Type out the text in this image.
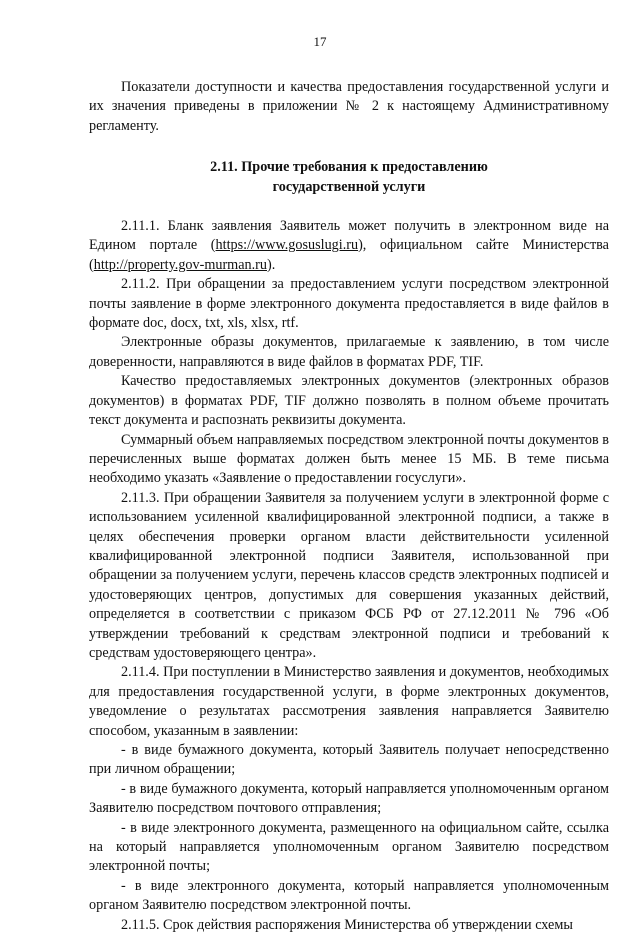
17

Показатели доступности и качества предоставления государственной услуги и их значения приведены в приложении № 2 к настоящему Административному регламенту.

2.11. Прочие требования к предоставлению
государственной услуги

2.11.1. Бланк заявления Заявитель может получить в электронном виде на Едином портале (https://www.gosuslugi.ru), официальном сайте Министерства (http://property.gov-murman.ru).

2.11.2. При обращении за предоставлением услуги посредством электронной почты заявление в форме электронного документа предоставляется в виде файлов в формате doc, docx, txt, xls, xlsx, rtf.

Электронные образы документов, прилагаемые к заявлению, в том числе доверенности, направляются в виде файлов в форматах PDF, TIF.

Качество предоставляемых электронных документов (электронных образов документов) в форматах PDF, TIF должно позволять в полном объеме прочитать текст документа и распознать реквизиты документа.

Суммарный объем направляемых посредством электронной почты документов в перечисленных выше форматах должен быть менее 15 МБ. В теме письма необходимо указать «Заявление о предоставлении госуслуги».

2.11.3. При обращении Заявителя за получением услуги в электронной форме с использованием усиленной квалифицированной электронной подписи, а также в целях обеспечения проверки органом власти действительности усиленной квалифицированной электронной подписи Заявителя, использованной при обращении за получением услуги, перечень классов средств электронных подписей и удостоверяющих центров, допустимых для совершения указанных действий, определяется в соответствии с приказом ФСБ РФ от 27.12.2011 № 796 «Об утверждении требований к средствам электронной подписи и требований к средствам удостоверяющего центра».

2.11.4. При поступлении в Министерство заявления и документов, необходимых для предоставления государственной услуги, в форме электронных документов, уведомление о результатах рассмотрения заявления направляется Заявителю способом, указанным в заявлении:

- в виде бумажного документа, который Заявитель получает непосредственно при личном обращении;

- в виде бумажного документа, который направляется уполномоченным органом Заявителю посредством почтового отправления;

- в виде электронного документа, размещенного на официальном сайте, ссылка на который направляется уполномоченным органом Заявителю посредством электронной почты;

- в виде электронного документа, который направляется уполномоченным органом Заявителю посредством электронной почты.

2.11.5. Срок действия распоряжения Министерства об утверждении схемы
